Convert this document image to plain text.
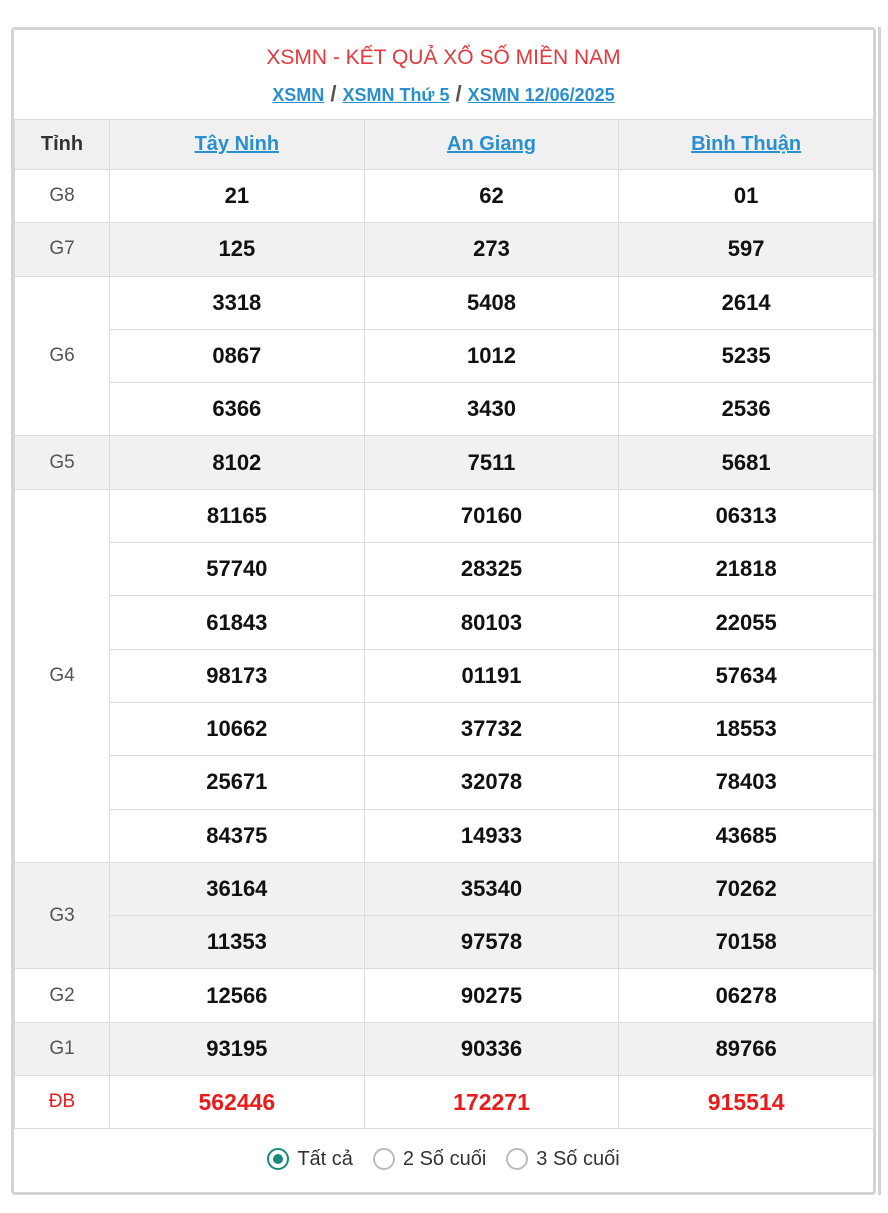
XSMN - KẾT QUẢ XỔ SỐ MIỀN NAM
XSMN / XSMN Thứ 5 / XSMN 12/06/2025
Tỉnh	Tây Ninh	An Giang	Bình Thuận
G8	21	62	01
G7	125	273	597
G6	3318	5408	2614
	0867	1012	5235
	6366	3430	2536
G5	8102	7511	5681
G4	81165	70160	06313
	57740	28325	21818
	61843	80103	22055
	98173	01191	57634
	10662	37732	18553
	25671	32078	78403
	84375	14933	43685
G3	36164	35340	70262
	11353	97578	70158
G2	12566	90275	06278
G1	93195	90336	89766
ĐB	562446	172271	915514
Tất cả	2 Số cuối	3 Số cuối
